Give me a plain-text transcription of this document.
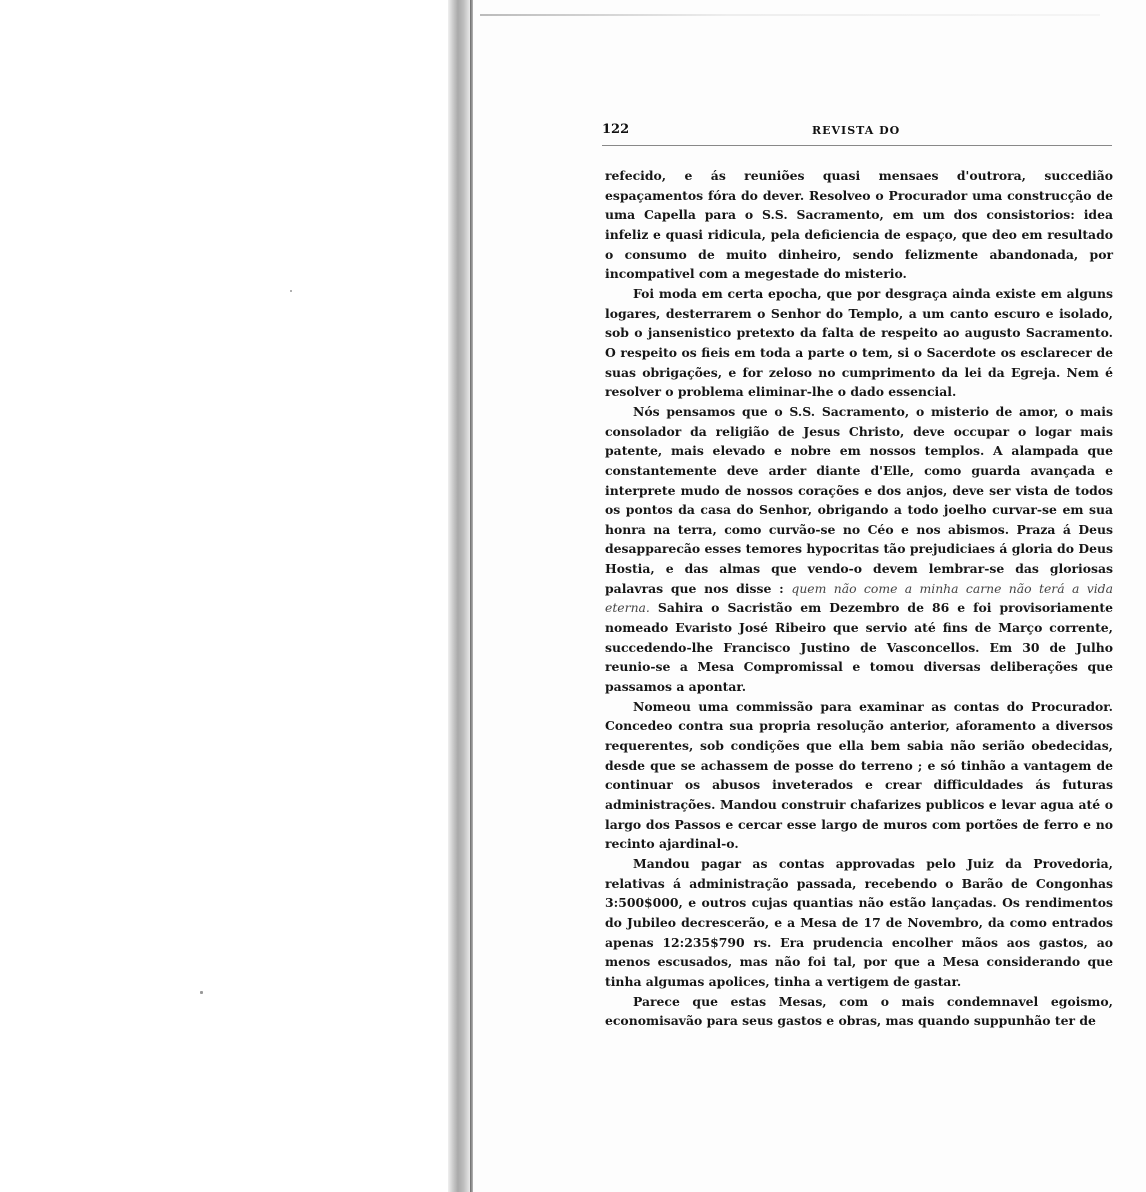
122	REVISTA DO

refecido, e ás reuniões quasi mensaes d'outrora, succedião espaçamentos fóra do dever. Resolveo o Procurador uma construcção de uma Capella para o S.S. Sacramento, em um dos consistorios: idea infeliz e quasi ridicula, pela deficiencia de espaço, que deo em resultado o consumo de muito dinheiro, sendo felizmente abandonada, por incompativel com a megestade do misterio.

Foi moda em certa epocha, que por desgraça ainda existe em alguns logares, desterrarem o Senhor do Templo, a um canto escuro e isolado, sob o jansenistico pretexto da falta de respeito ao augusto Sacramento. O respeito os fieis em toda a parte o tem, si o Sacerdote os esclarecer de suas obrigações, e for zeloso no cumprimento da lei da Egreja. Nem é resolver o problema eliminar-lhe o dado essencial.

Nós pensamos que o S.S. Sacramento, o misterio de amor, o mais consolador da religião de Jesus Christo, deve occupar o logar mais patente, mais elevado e nobre em nossos templos. A alampada que constantemente deve arder diante d'Elle, como guarda avançada e interprete mudo de nossos corações e dos anjos, deve ser vista de todos os pontos da casa do Senhor, obrigando a todo joelho curvar-se em sua honra na terra, como curvão-se no Céo e nos abismos. Praza á Deus desapparecão esses temores hypocritas tão prejudiciaes á gloria do Deus Hostia, e das almas que vendo-o devem lembrar-se das gloriosas palavras que nos disse : quem não come a minha carne não terá a vida eterna. Sahira o Sacristão em Dezembro de 86 e foi provisoriamente nomeado Evaristo José Ribeiro que servio até fins de Março corrente, succedendo-lhe Francisco Justino de Vasconcellos. Em 30 de Julho reunio-se a Mesa Compromissal e tomou diversas deliberações que passamos a apontar.

Nomeou uma commissão para examinar as contas do Procurador. Concedeo contra sua propria resolução anterior, aforamento a diversos requerentes, sob condições que ella bem sabia não serião obedecidas, desde que se achassem de posse do terreno ; e só tinhão a vantagem de continuar os abusos inveterados e crear difficuldades ás futuras administrações. Mandou construir chafarizes publicos e levar agua até o largo dos Passos e cercar esse largo de muros com portões de ferro e no recinto ajardinal-o.

Mandou pagar as contas approvadas pelo Juiz da Provedoria, relativas á administração passada, recebendo o Barão de Congonhas 3:500$000, e outros cujas quantias não estão lançadas. Os rendimentos do Jubileo decrescerão, e a Mesa de 17 de Novembro, da como entrados apenas 12:235$790 rs. Era prudencia encolher mãos aos gastos, ao menos escusados, mas não foi tal, por que a Mesa considerando que tinha algumas apolices, tinha a vertigem de gastar.

Parece que estas Mesas, com o mais condemnavel egoismo, economisavão para seus gastos e obras, mas quando suppunhão ter de
